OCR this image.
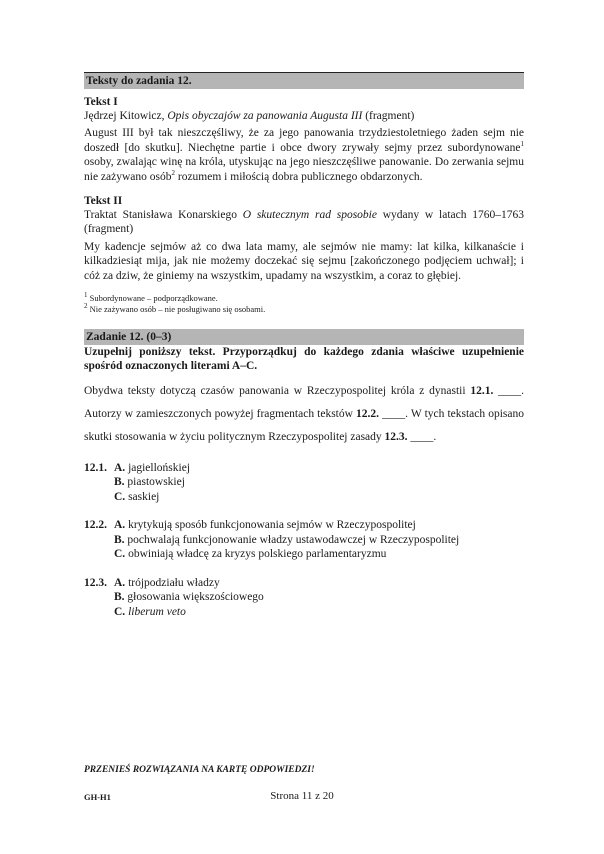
Teksty do zadania 12.
Tekst I

Jędrzej Kitowicz, Opis obyczajów za panowania Augusta III (fragment)

August III był tak nieszczęśliwy, że za jego panowania trzydziestoletniego żaden sejm nie doszedł [do skutku]. Niechętne partie i obce dwory zrywały sejmy przez subordynowane$^1$ osoby, zwalając winę na króla, utyskując na jego nieszczęśliwe panowanie. Do zerwania sejmu nie zażywano osób$^2$ rozumem i miłością dobra publicznego obdarzonych.

Tekst II

Traktat Stanisława Konarskiego O skutecznym rad sposobie wydany w latach 1760–1763 (fragment)

My kadencje sejmów aż co dwa lata mamy, ale sejmów nie mamy: lat kilka, kilkanaście i kilkadziesiąt mija, jak nie możemy doczekać się sejmu [zakończonego podjęciem uchwał]; i cóż za dziw, że giniemy na wszystkim, upadamy na wszystkim, a coraz to głębiej.

$^1$ Subordynowane – podporządkowane.

$^2$ Nie zażywano osób – nie posługiwano się osobami.

Zadanie 12. (0–3)

Uzupełnij poniższy tekst. Przyporządkuj do każdego zdania właściwe uzupełnienie spośród oznaczonych literami A–C.

Obydwa teksty dotyczą czasów panowania w Rzeczypospolitej króla z dynastii 12.1. ____. Autorzy w zamieszczonych powyżej fragmentach tekstów 12.2. ____. W tych tekstach opisano skutki stosowania w życiu politycznym Rzeczypospolitej zasady 12.3. ____.

12.1. A.
jagiellońskiej
B. piastowskiej
C. saskiej
12.2. A.
krytykują sposób funkcjonowania sejmów w Rzeczypospolitej
B. pochwalają funkcjonowanie władzy ustawodawczej w Rzeczypospolitej
C. obwiniają władcę za kryzys polskiego parlamentaryzmu
12.3. A.
trójpodziału władzy
B. głosowania większościowego
C. liberum veto
PRZENIEŚ ROZWIĄZANIA NA KARTĘ ODPOWIEDZI!
GH-H1	Strona 11 z 20
